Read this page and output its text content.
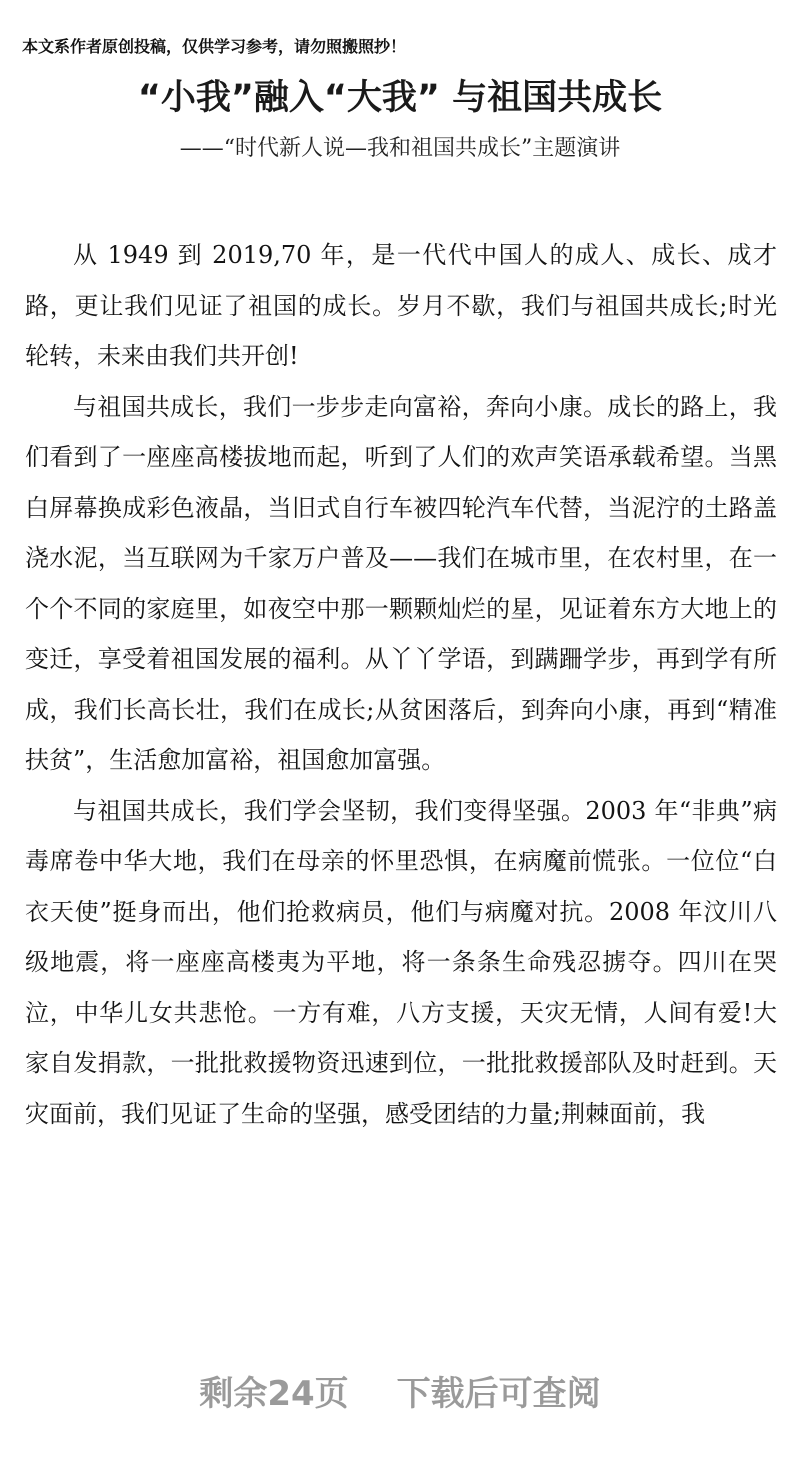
本文系作者原创投稿，仅供学习参考，请勿照搬照抄！
“小我”融入“大我” 与祖国共成长
——“时代新人说—我和祖国共成长”主题演讲

从 1949 到 2019,70 年，是一代代中国人的成人、成长、成才路，更让我们见证了祖国的成长。岁月不歇，我们与祖国共成长;时光轮转，未来由我们共开创!

与祖国共成长，我们一步步走向富裕，奔向小康。成长的路上，我们看到了一座座高楼拔地而起，听到了人们的欢声笑语承载希望。当黑白屏幕换成彩色液晶，当旧式自行车被四轮汽车代替，当泥泞的土路盖浇水泥，当互联网为千家万户普及——我们在城市里，在农村里，在一个个不同的家庭里，如夜空中那一颗颗灿烂的星，见证着东方大地上的变迁，享受着祖国发展的福利。从丫丫学语，到蹒跚学步，再到学有所成，我们长高长壮，我们在成长;从贫困落后，到奔向小康，再到“精准扶贫”，生活愈加富裕，祖国愈加富强。

与祖国共成长，我们学会坚韧，我们变得坚强。2003 年“非典”病毒席卷中华大地，我们在母亲的怀里恐惧，在病魔前慌张。一位位“白衣天使”挺身而出，他们抢救病员，他们与病魔对抗。2008 年汶川八级地震，将一座座高楼夷为平地，将一条条生命残忍掳夺。四川在哭泣，中华儿女共悲怆。一方有难，八方支援，天灾无情，人间有爱!大家自发捐款，一批批救援物资迅速到位，一批批救援部队及时赶到。天灾面前，我们见证了生命的坚强，感受团结的力量;荆棘面前，我

剩余24页 下载后可查阅
